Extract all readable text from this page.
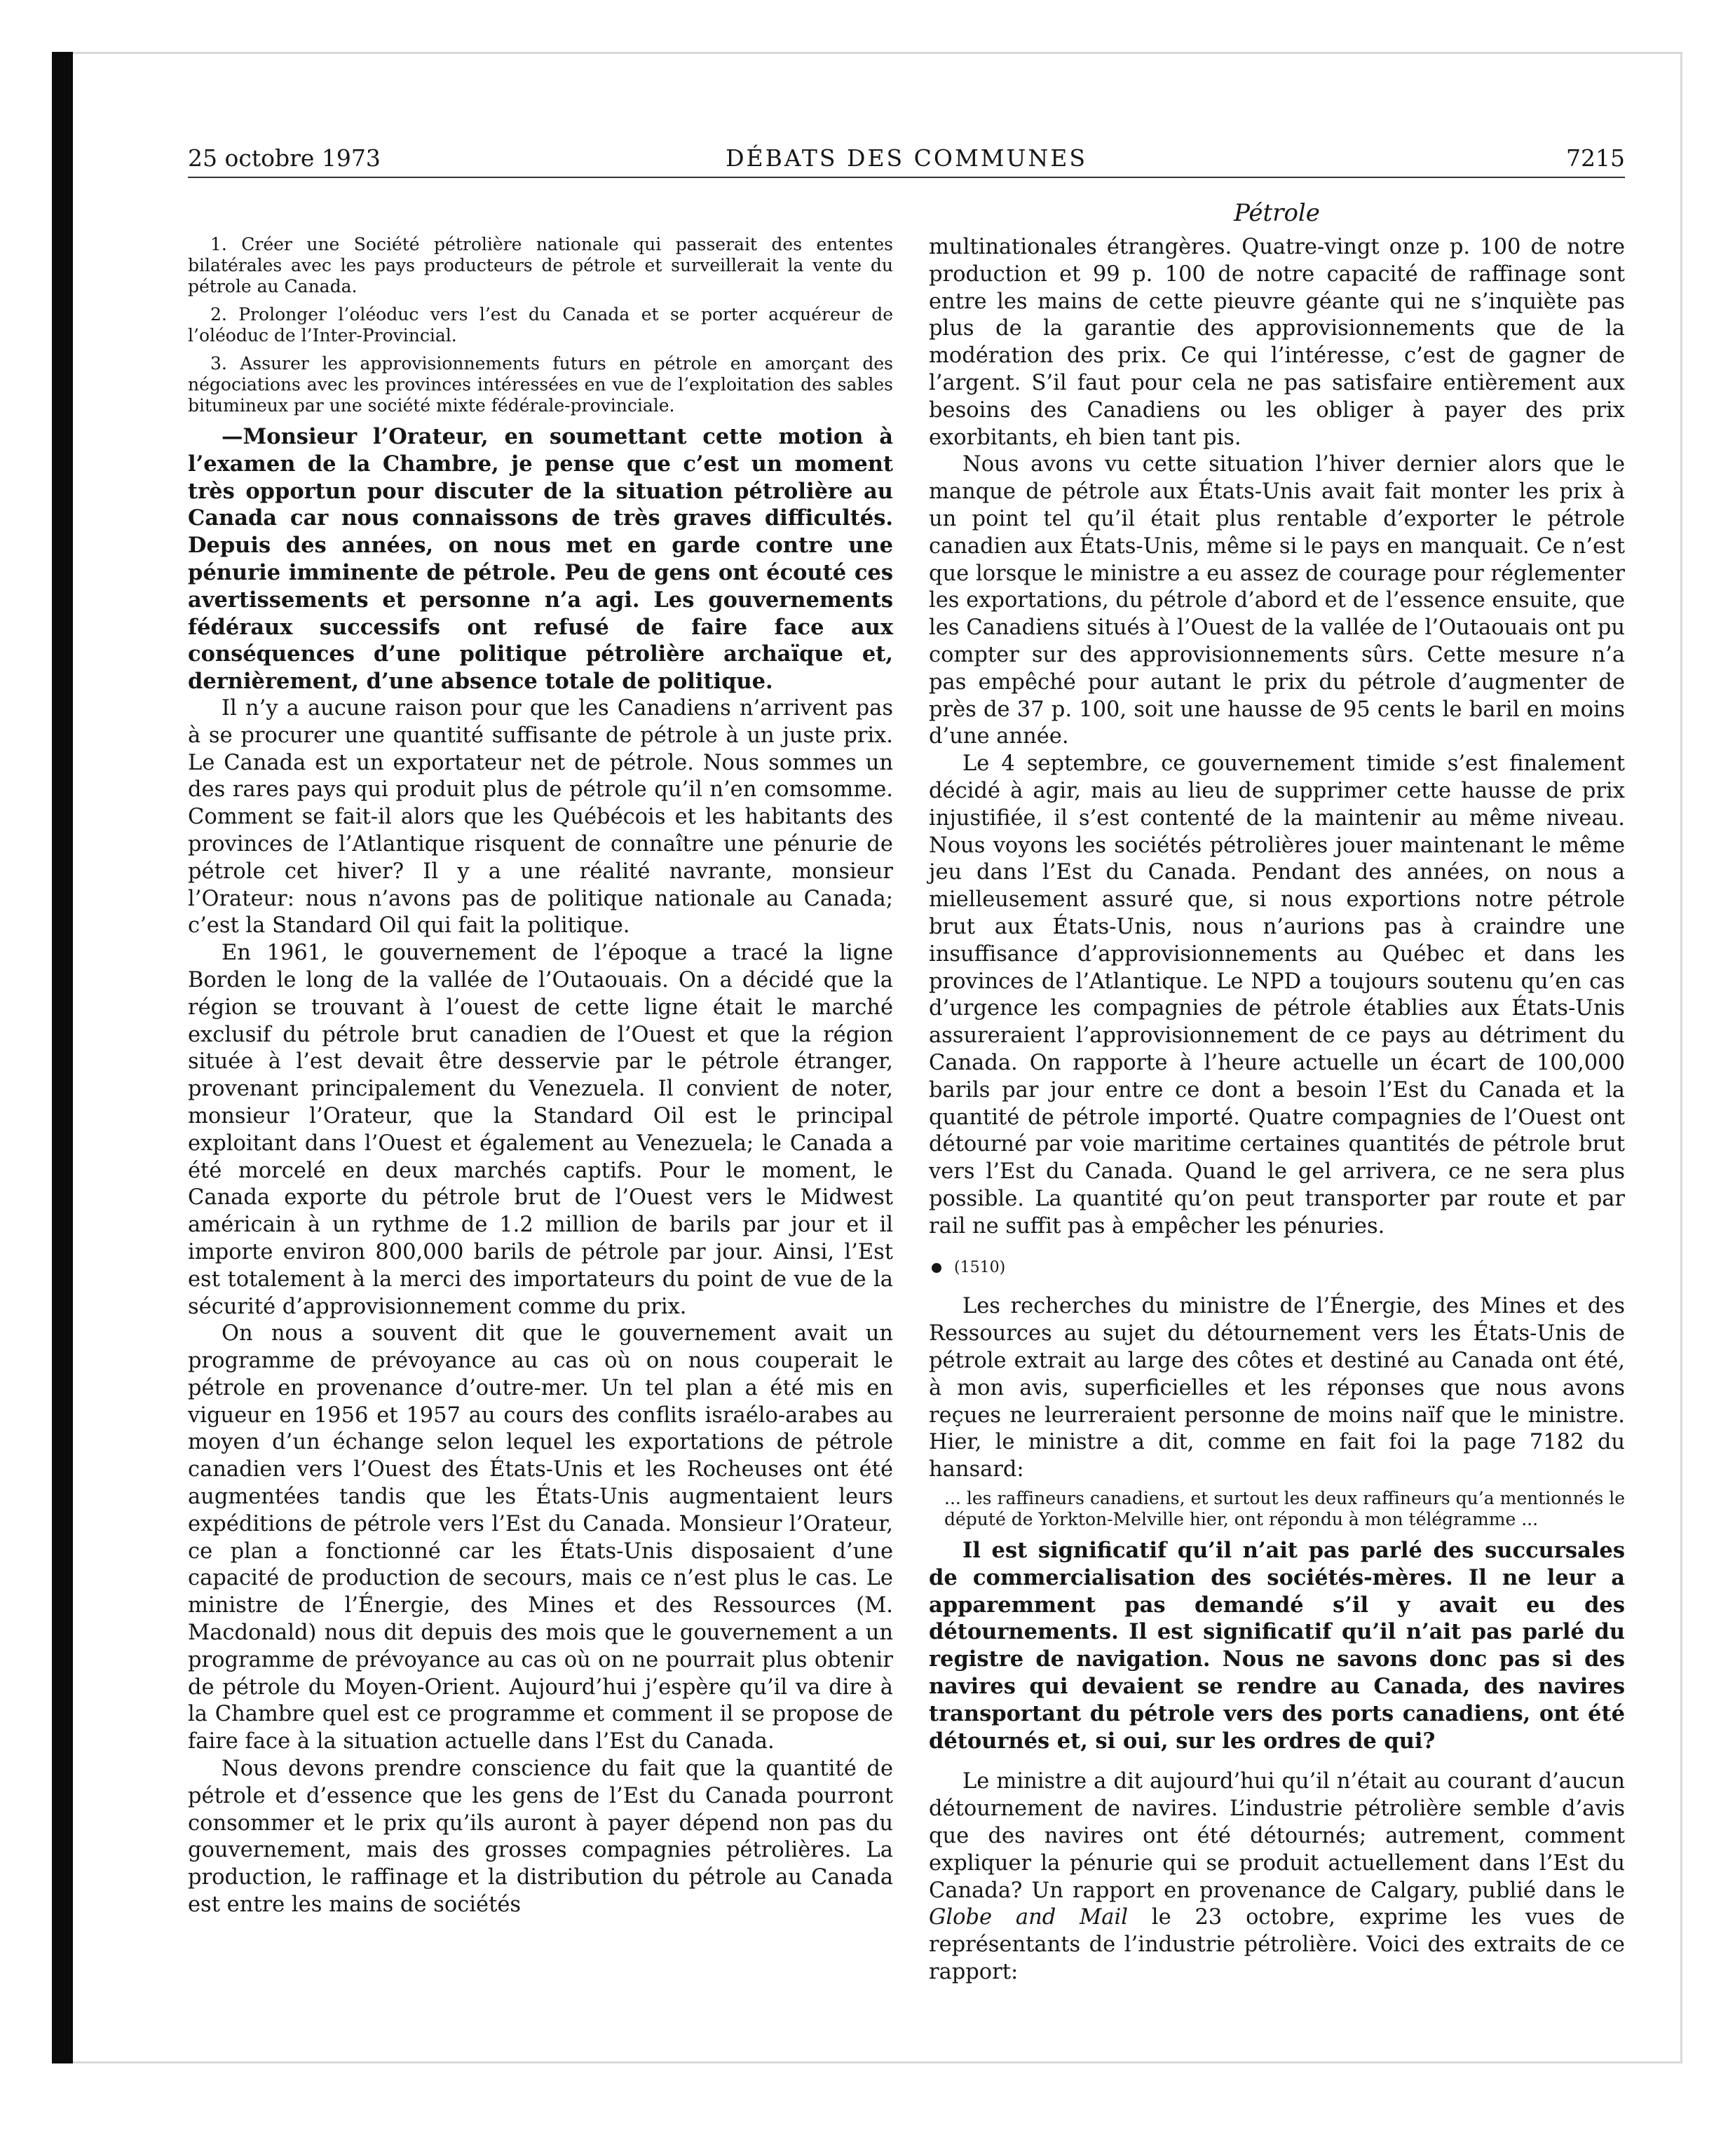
25 octobre 1973	DÉBATS DES COMMUNES	7215
Pétrole
1. Créer une Société pétrolière nationale qui passerait des ententes bilatérales avec les pays producteurs de pétrole et surveillerait la vente du pétrole au Canada.
2. Prolonger l’oléoduc vers l’est du Canada et se porter acquéreur de l’oléoduc de l’Inter-Provincial.
3. Assurer les approvisionnements futurs en pétrole en amorçant des négociations avec les provinces intéressées en vue de l’exploitation des sables bitumineux par une société mixte fédérale-provinciale.

—Monsieur l’Orateur, en soumettant cette motion à l’examen de la Chambre, je pense que c’est un moment très opportun pour discuter de la situation pétrolière au Canada car nous connaissons de très graves difficultés. Depuis des années, on nous met en garde contre une pénurie imminente de pétrole. Peu de gens ont écouté ces avertissements et personne n’a agi. Les gouvernements fédéraux successifs ont refusé de faire face aux conséquences d’une politique pétrolière archaïque et, dernièrement, d’une absence totale de politique.

Il n’y a aucune raison pour que les Canadiens n’arrivent pas à se procurer une quantité suffisante de pétrole à un juste prix. Le Canada est un exportateur net de pétrole. Nous sommes un des rares pays qui produit plus de pétrole qu’il n’en comsomme. Comment se fait-il alors que les Québécois et les habitants des provinces de l’Atlantique risquent de connaître une pénurie de pétrole cet hiver? Il y a une réalité navrante, monsieur l’Orateur: nous n’avons pas de politique nationale au Canada; c’est la Standard Oil qui fait la politique.

En 1961, le gouvernement de l’époque a tracé la ligne Borden le long de la vallée de l’Outaouais. On a décidé que la région se trouvant à l’ouest de cette ligne était le marché exclusif du pétrole brut canadien de l’Ouest et que la région située à l’est devait être desservie par le pétrole étranger, provenant principalement du Venezuela. Il convient de noter, monsieur l’Orateur, que la Standard Oil est le principal exploitant dans l’Ouest et également au Venezuela; le Canada a été morcelé en deux marchés captifs. Pour le moment, le Canada exporte du pétrole brut de l’Ouest vers le Midwest américain à un rythme de 1.2 million de barils par jour et il importe environ 800,000 barils de pétrole par jour. Ainsi, l’Est est totalement à la merci des importateurs du point de vue de la sécurité d’approvisionnement comme du prix.

On nous a souvent dit que le gouvernement avait un programme de prévoyance au cas où on nous couperait le pétrole en provenance d’outre-mer. Un tel plan a été mis en vigueur en 1956 et 1957 au cours des conflits israélo-arabes au moyen d’un échange selon lequel les exportations de pétrole canadien vers l’Ouest des États-Unis et les Rocheuses ont été augmentées tandis que les États-Unis augmentaient leurs expéditions de pétrole vers l’Est du Canada. Monsieur l’Orateur, ce plan a fonctionné car les États-Unis disposaient d’une capacité de production de secours, mais ce n’est plus le cas. Le ministre de l’Énergie, des Mines et des Ressources (M. Macdonald) nous dit depuis des mois que le gouvernement a un programme de prévoyance au cas où on ne pourrait plus obtenir de pétrole du Moyen-Orient. Aujourd’hui j’espère qu’il va dire à la Chambre quel est ce programme et comment il se propose de faire face à la situation actuelle dans l’Est du Canada.

Nous devons prendre conscience du fait que la quantité de pétrole et d’essence que les gens de l’Est du Canada pourront consommer et le prix qu’ils auront à payer dépend non pas du gouvernement, mais des grosses compagnies pétrolières. La production, le raffinage et la distribution du pétrole au Canada est entre les mains de sociétés

multinationales étrangères. Quatre-vingt onze p. 100 de notre production et 99 p. 100 de notre capacité de raffinage sont entre les mains de cette pieuvre géante qui ne s’inquiète pas plus de la garantie des approvisionnements que de la modération des prix. Ce qui l’intéresse, c’est de gagner de l’argent. S’il faut pour cela ne pas satisfaire entièrement aux besoins des Canadiens ou les obliger à payer des prix exorbitants, eh bien tant pis.

Nous avons vu cette situation l’hiver dernier alors que le manque de pétrole aux États-Unis avait fait monter les prix à un point tel qu’il était plus rentable d’exporter le pétrole canadien aux États-Unis, même si le pays en manquait. Ce n’est que lorsque le ministre a eu assez de courage pour réglementer les exportations, du pétrole d’abord et de l’essence ensuite, que les Canadiens situés à l’Ouest de la vallée de l’Outaouais ont pu compter sur des approvisionnements sûrs. Cette mesure n’a pas empêché pour autant le prix du pétrole d’augmenter de près de 37 p. 100, soit une hausse de 95 cents le baril en moins d’une année.

Le 4 septembre, ce gouvernement timide s’est finalement décidé à agir, mais au lieu de supprimer cette hausse de prix injustifiée, il s’est contenté de la maintenir au même niveau. Nous voyons les sociétés pétrolières jouer maintenant le même jeu dans l’Est du Canada. Pendant des années, on nous a mielleusement assuré que, si nous exportions notre pétrole brut aux États-Unis, nous n’aurions pas à craindre une insuffisance d’approvisionnements au Québec et dans les provinces de l’Atlantique. Le NPD a toujours soutenu qu’en cas d’urgence les compagnies de pétrole établies aux États-Unis assureraient l’approvisionnement de ce pays au détriment du Canada. On rapporte à l’heure actuelle un écart de 100,000 barils par jour entre ce dont a besoin l’Est du Canada et la quantité de pétrole importé. Quatre compagnies de l’Ouest ont détourné par voie maritime certaines quantités de pétrole brut vers l’Est du Canada. Quand le gel arrivera, ce ne sera plus possible. La quantité qu’on peut transporter par route et par rail ne suffit pas à empêcher les pénuries.

(1510)

Les recherches du ministre de l’Énergie, des Mines et des Ressources au sujet du détournement vers les États-Unis de pétrole extrait au large des côtes et destiné au Canada ont été, à mon avis, superficielles et les réponses que nous avons reçues ne leurreraient personne de moins naïf que le ministre. Hier, le ministre a dit, comme en fait foi la page 7182 du hansard:

... les raffineurs canadiens, et surtout les deux raffineurs qu’a mentionnés le député de Yorkton-Melville hier, ont répondu à mon télégramme ...

Il est significatif qu’il n’ait pas parlé des succursales de commercialisation des sociétés-mères. Il ne leur a apparemment pas demandé s’il y avait eu des détournements. Il est significatif qu’il n’ait pas parlé du registre de navigation. Nous ne savons donc pas si des navires qui devaient se rendre au Canada, des navires transportant du pétrole vers des ports canadiens, ont été détournés et, si oui, sur les ordres de qui?

Le ministre a dit aujourd’hui qu’il n’était au courant d’aucun détournement de navires. L’industrie pétrolière semble d’avis que des navires ont été détournés; autrement, comment expliquer la pénurie qui se produit actuellement dans l’Est du Canada? Un rapport en provenance de Calgary, publié dans le Globe and Mail le 23 octobre, exprime les vues de représentants de l’industrie pétrolière. Voici des extraits de ce rapport:
